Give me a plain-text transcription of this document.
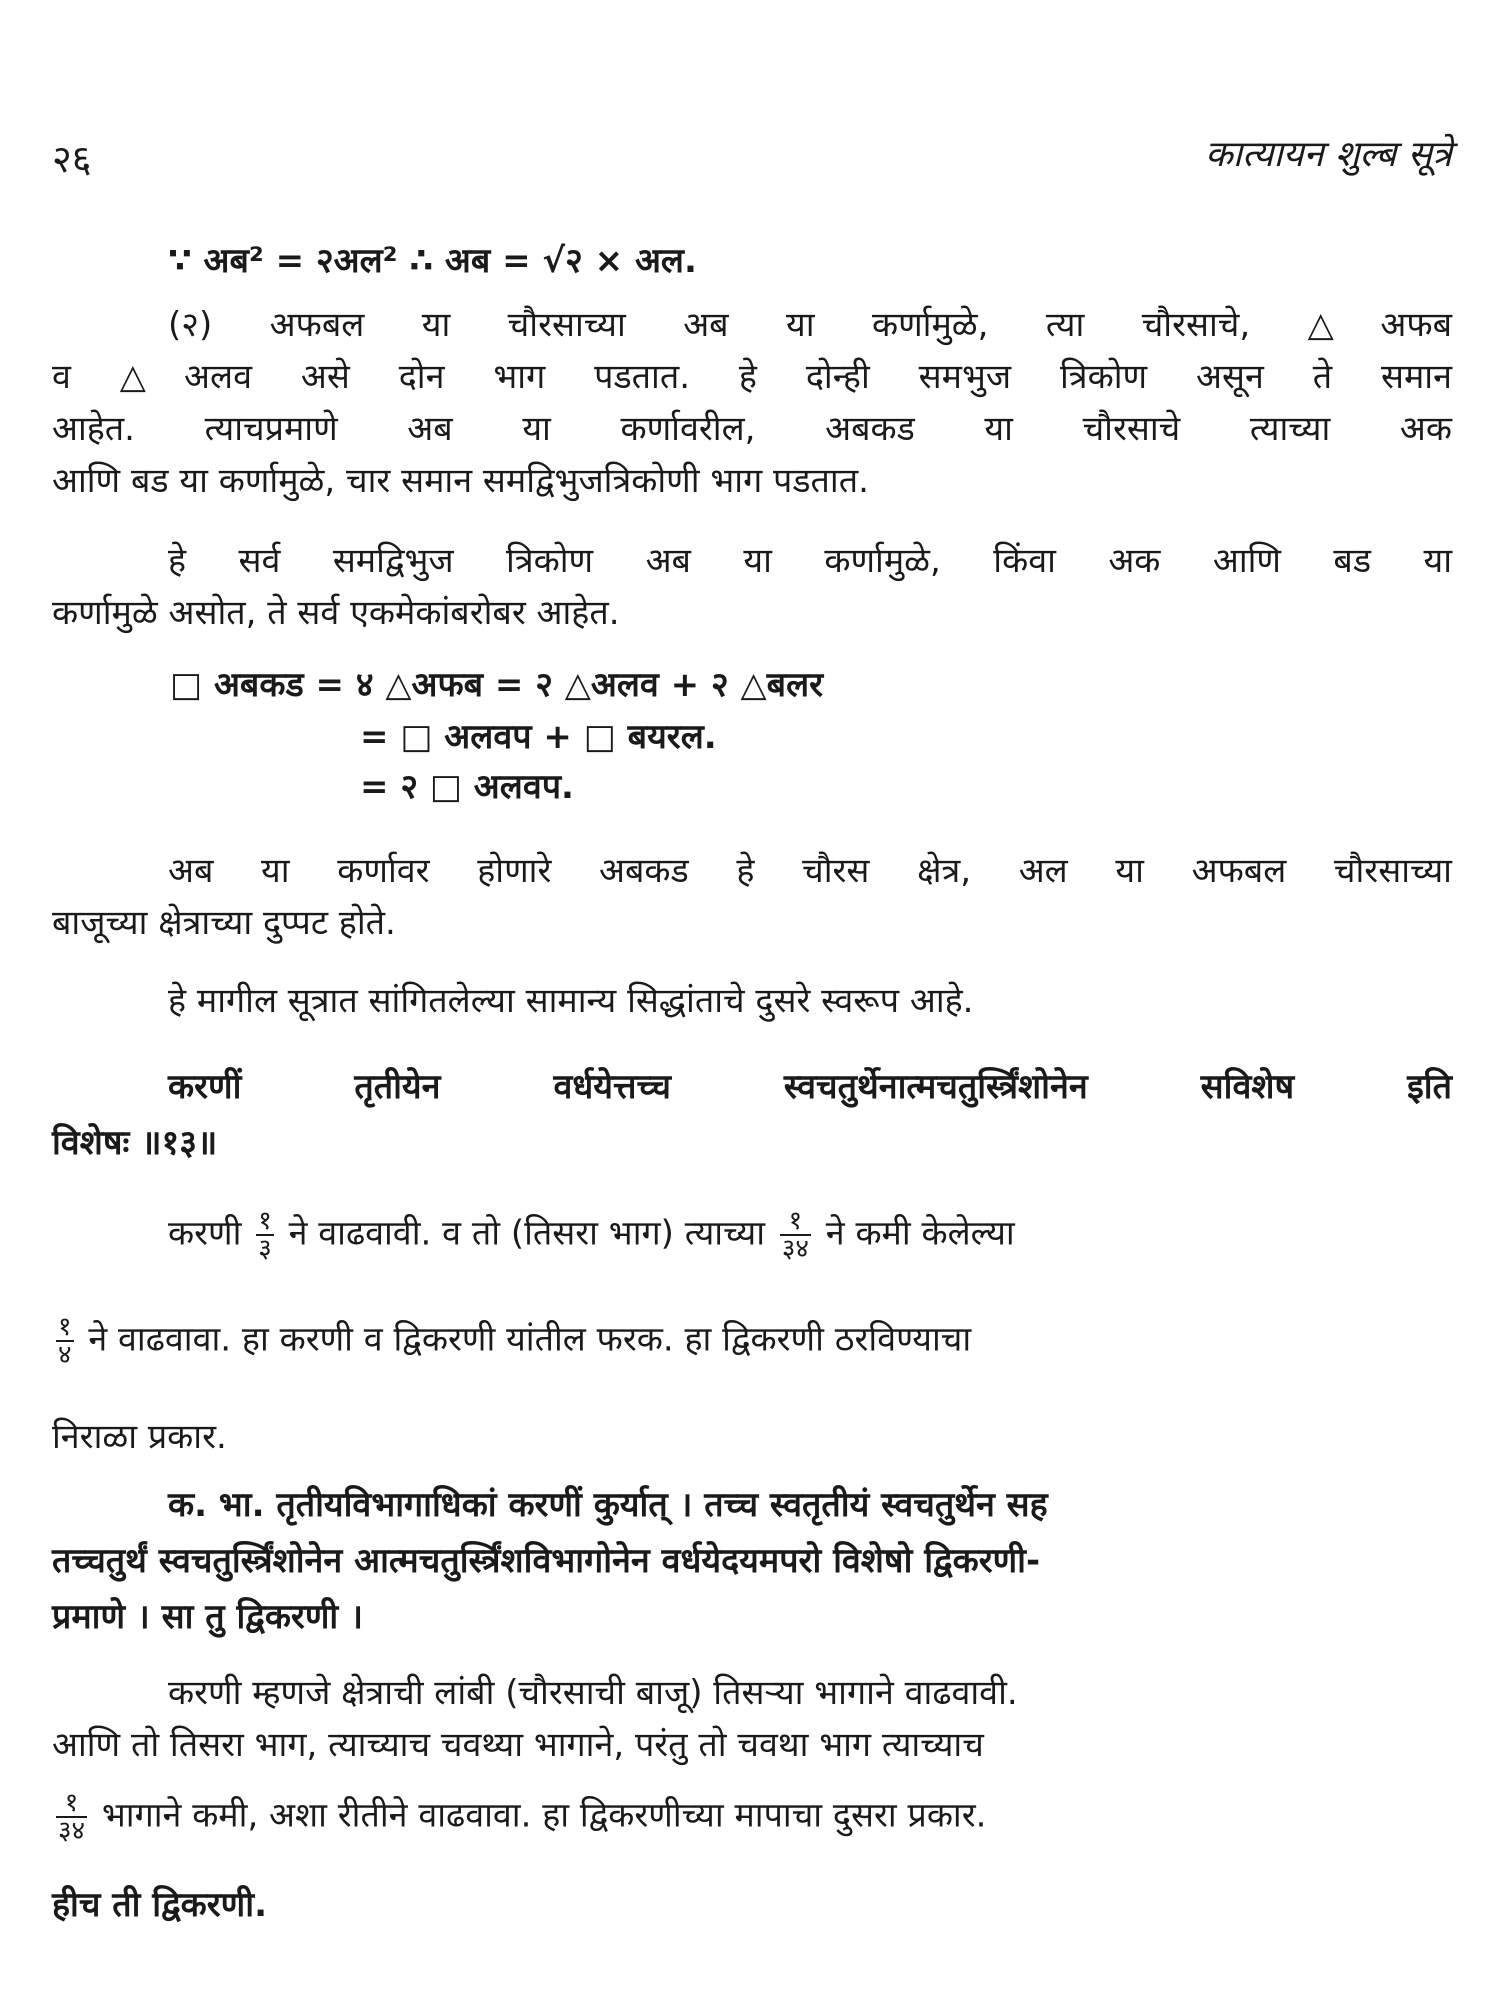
२६	कात्यायन शुल्ब सूत्रे
∵ अब² = २अल² ∴ अब = √२ × अल.
(२) अफबल या चौरसाच्या अब या कर्णामुळे, त्या चौरसाचे, △अफब
व △अलव असे दोन भाग पडतात. हे दोन्ही समभुज त्रिकोण असून ते समान
आहेत. त्याचप्रमाणे अब या कर्णावरील, अबकड या चौरसाचे त्याच्या अक
आणि बड या कर्णामुळे, चार समान समद्विभुजत्रिकोणी भाग पडतात.
हे सर्व समद्विभुज त्रिकोण अब या कर्णामुळे, किंवा अक आणि बड या
कर्णामुळे असोत, ते सर्व एकमेकांबरोबर आहेत.
□ अबकड = ४ △अफब = २ △अलव + २ △बलर
= □ अलवप + □ बयरल.
= २ □ अलवप.
अब या कर्णावर होणारे अबकड हे चौरस क्षेत्र, अल या अफबल चौरसाच्या
बाजूच्या क्षेत्राच्या दुप्पट होते.
हे मागील सूत्रात सांगितलेल्या सामान्य सिद्धांताचे दुसरे स्वरूप आहे.
करणीं तृतीयेन वर्धयेत्तच्च स्वचतुर्थेनात्मचतुर्स्त्रिंशोनेन सविशेष इति
विशेषः ॥१३॥
करणी $\frac{१}{३}$ ने वाढवावी. व तो (तिसरा भाग) त्याच्या $\frac{१}{३४}$ ने कमी केलेल्या
$\frac{१}{४}$ ने वाढवावा. हा करणी व द्विकरणी यांतील फरक. हा द्विकरणी ठरविण्याचा
निराळा प्रकार.
क. भा. तृतीयविभागाधिकां करणीं कुर्यात् । तच्च स्वतृतीयं स्वचतुर्थेन सह
तच्चतुर्थं स्वचतुर्स्त्रिंशोनेन आत्मचतुर्स्त्रिंशविभागोनेन वर्धयेदयमपरो विशेषो द्विकरणी-
प्रमाणे । सा तु द्विकरणी ।
करणी म्हणजे क्षेत्राची लांबी (चौरसाची बाजू) तिसऱ्या भागाने वाढवावी.
आणि तो तिसरा भाग, त्याच्याच चवथ्या भागाने, परंतु तो चवथा भाग त्याच्याच
$\frac{१}{३४}$ भागाने कमी, अशा रीतीने वाढवावा. हा द्विकरणीच्या मापाचा दुसरा प्रकार.
हीच ती द्विकरणी.
